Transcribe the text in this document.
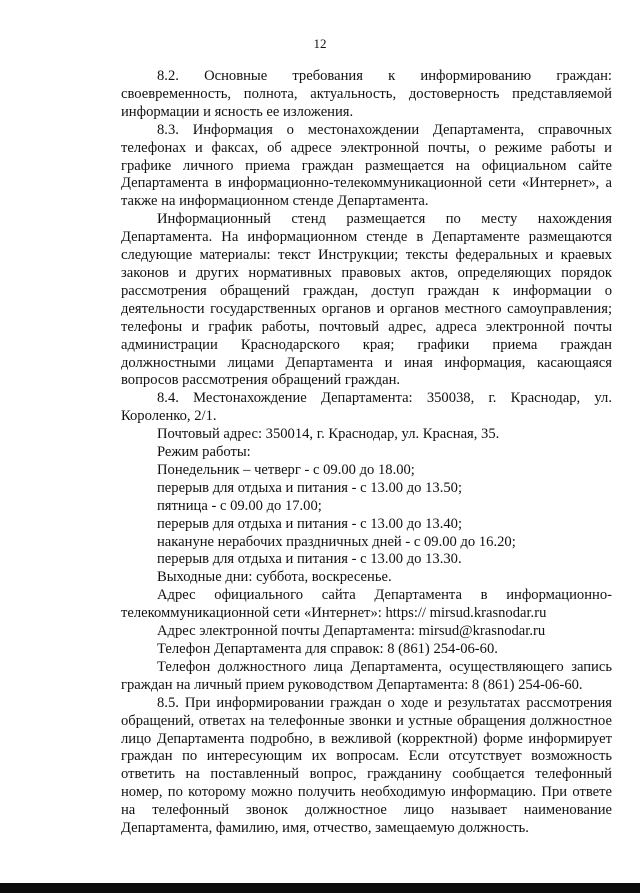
12

8.2. Основные требования к информированию граждан: своевременность, полнота, актуальность, достоверность представляемой информации и ясность ее изложения.

8.3. Информация о местонахождении Департамента, справочных телефонах и факсах, об адресе электронной почты, о режиме работы и графике личного приема граждан размещается на официальном сайте Департамента в информационно-телекоммуникационной сети «Интернет», а также на информационном стенде Департамента.

Информационный стенд размещается по месту нахождения Департамента. На информационном стенде в Департаменте размещаются следующие материалы: текст Инструкции; тексты федеральных и краевых законов и других нормативных правовых актов, определяющих порядок рассмотрения обращений граждан, доступ граждан к информации о деятельности государственных органов и органов местного самоуправления; телефоны и график работы, почтовый адрес, адреса электронной почты администрации Краснодарского края; графики приема граждан должностными лицами Департамента и иная информация, касающаяся вопросов рассмотрения обращений граждан.

8.4. Местонахождение Департамента: 350038, г. Краснодар, ул. Короленко, 2/1.

Почтовый адрес: 350014, г. Краснодар, ул. Красная, 35.

Режим работы:

Понедельник – четверг - с 09.00 до 18.00;

перерыв для отдыха и питания - с 13.00 до 13.50;

пятница - с 09.00 до 17.00;

перерыв для отдыха и питания - с 13.00 до 13.40;

накануне нерабочих праздничных дней - с 09.00 до 16.20;

перерыв для отдыха и питания - с 13.00 до 13.30.

Выходные дни: суббота, воскресенье.

Адрес официального сайта Департамента в информационно-телекоммуникационной сети «Интернет»: https:// mirsud.krasnodar.ru

Адрес электронной почты Департамента: mirsud@krasnodar.ru

Телефон Департамента для справок: 8 (861) 254-06-60.

Телефон должностного лица Департамента, осуществляющего запись граждан на личный прием руководством Департамента: 8 (861) 254-06-60.

8.5. При информировании граждан о ходе и результатах рассмотрения обращений, ответах на телефонные звонки и устные обращения должностное лицо Департамента подробно, в вежливой (корректной) форме информирует граждан по интересующим их вопросам. Если отсутствует возможность ответить на поставленный вопрос, гражданину сообщается телефонный номер, по которому можно получить необходимую информацию. При ответе на телефонный звонок должностное лицо называет наименование Департамента, фамилию, имя, отчество, замещаемую должность.
